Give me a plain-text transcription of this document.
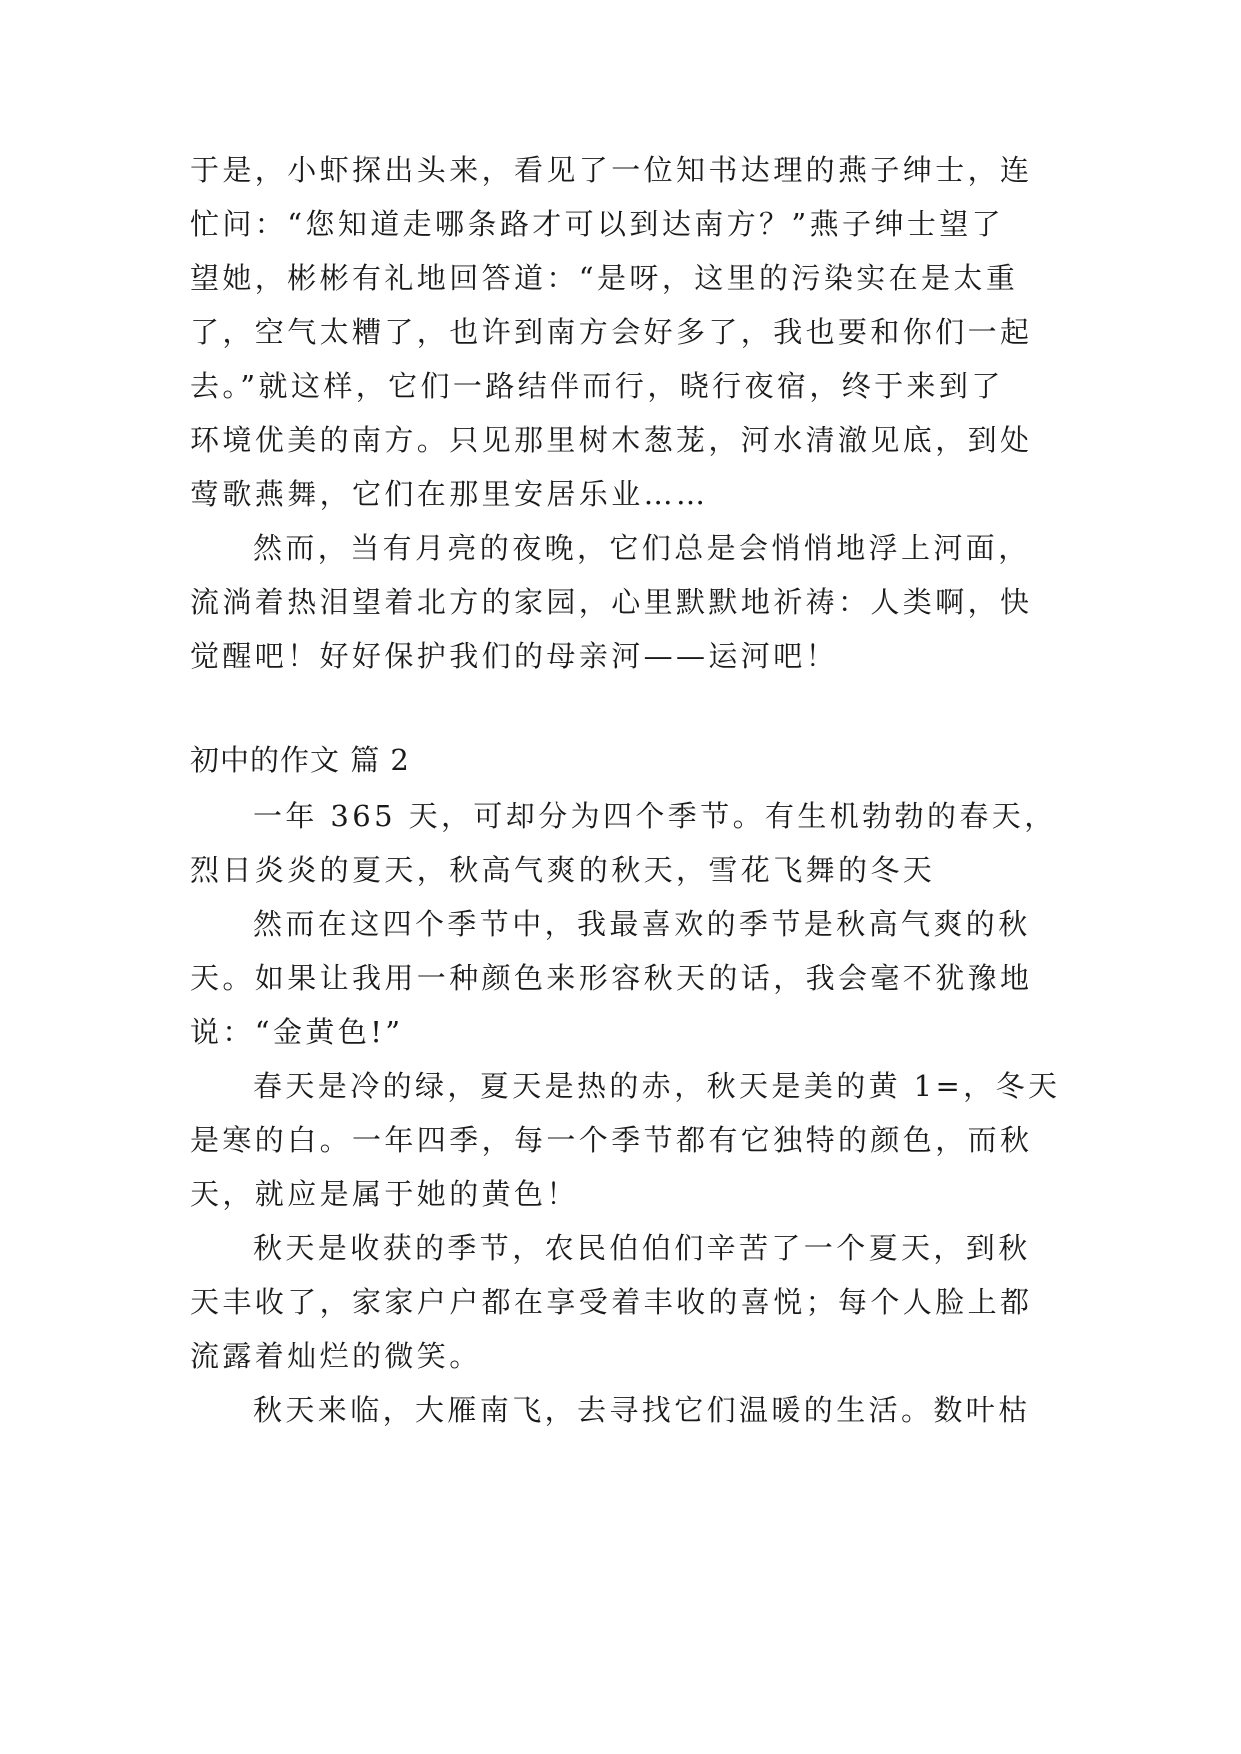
于是，小虾探出头来，看见了一位知书达理的燕子绅士，连
忙问：“您知道走哪条路才可以到达南方？”燕子绅士望了
望她，彬彬有礼地回答道：“是呀，这里的污染实在是太重
了，空气太糟了，也许到南方会好多了，我也要和你们一起
去。”就这样，它们一路结伴而行，晓行夜宿，终于来到了
环境优美的南方。只见那里树木葱茏，河水清澈见底，到处
莺歌燕舞，它们在那里安居乐业……
然而，当有月亮的夜晚，它们总是会悄悄地浮上河面，
流淌着热泪望着北方的家园，心里默默地祈祷：人类啊，快
觉醒吧！好好保护我们的母亲河——运河吧！
初中的作文 篇 2
一年 365 天，可却分为四个季节。有生机勃勃的春天，
烈日炎炎的夏天，秋高气爽的秋天，雪花飞舞的冬天
然而在这四个季节中，我最喜欢的季节是秋高气爽的秋
天。如果让我用一种颜色来形容秋天的话，我会毫不犹豫地
说：“金黄色!”
春天是冷的绿，夏天是热的赤，秋天是美的黄 1=，冬天
是寒的白。一年四季，每一个季节都有它独特的颜色，而秋
天，就应是属于她的黄色！
秋天是收获的季节，农民伯伯们辛苦了一个夏天，到秋
天丰收了，家家户户都在享受着丰收的喜悦；每个人脸上都
流露着灿烂的微笑。
秋天来临，大雁南飞，去寻找它们温暖的生活。数叶枯
